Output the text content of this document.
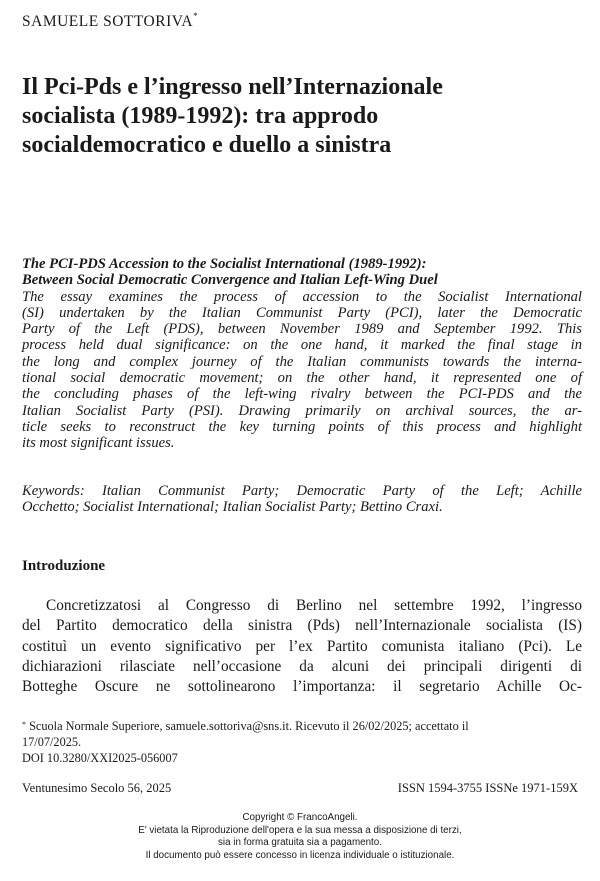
SAMUELE SOTTORIVA*
Il Pci-Pds e l’ingresso nell’Internazionale
socialista (1989-1992): tra approdo
socialdemocratico e duello a sinistra
The PCI-PDS Accession to the Socialist International (1989-1992):
Between Social Democratic Convergence and Italian Left-Wing Duel
The essay examines the process of accession to the Socialist International
(SI) undertaken by the Italian Communist Party (PCI), later the Democratic
Party of the Left (PDS), between November 1989 and September 1992. This
process held dual significance: on the one hand, it marked the final stage in
the long and complex journey of the Italian communists towards the interna-
tional social democratic movement; on the other hand, it represented one of
the concluding phases of the left-wing rivalry between the PCI-PDS and the
Italian Socialist Party (PSI). Drawing primarily on archival sources, the ar-
ticle seeks to reconstruct the key turning points of this process and highlight
its most significant issues.
Keywords: Italian Communist Party; Democratic Party of the Left; Achille
Occhetto; Socialist International; Italian Socialist Party; Bettino Craxi.
Introduzione
Concretizzatosi al Congresso di Berlino nel settembre 1992, l’ingresso
del Partito democratico della sinistra (Pds) nell’Internazionale socialista (IS)
costituì un evento significativo per l’ex Partito comunista italiano (Pci). Le
dichiarazioni rilasciate nell’occasione da alcuni dei principali dirigenti di
Botteghe Oscure ne sottolinearono l’importanza: il segretario Achille Oc-
* Scuola Normale Superiore, samuele.sottoriva@sns.it. Ricevuto il 26/02/2025; accettato il
17/07/2025.
DOI 10.3280/XXI2025-056007
Ventunesimo Secolo 56, 2025	ISSN 1594-3755 ISSNe 1971-159X
Copyright © FrancoAngeli.
E' vietata la Riproduzione dell'opera e la sua messa a disposizione di terzi,
sia in forma gratuita sia a pagamento.
Il documento può essere concesso in licenza individuale o istituzionale.
